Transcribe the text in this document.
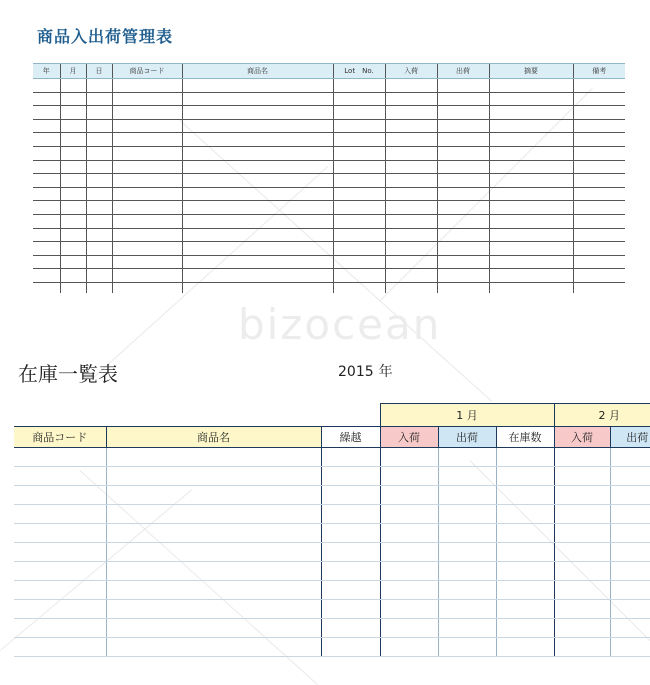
bizocean
商品入出荷管理表
年	月	日	商品コード	商品名	Lot　No.	入荷	出荷	摘要	備考

在庫一覧表	2015 年
			1 月			2 月	
商品コード	商品名	繰越	入荷	出荷	在庫数	入荷	出荷
